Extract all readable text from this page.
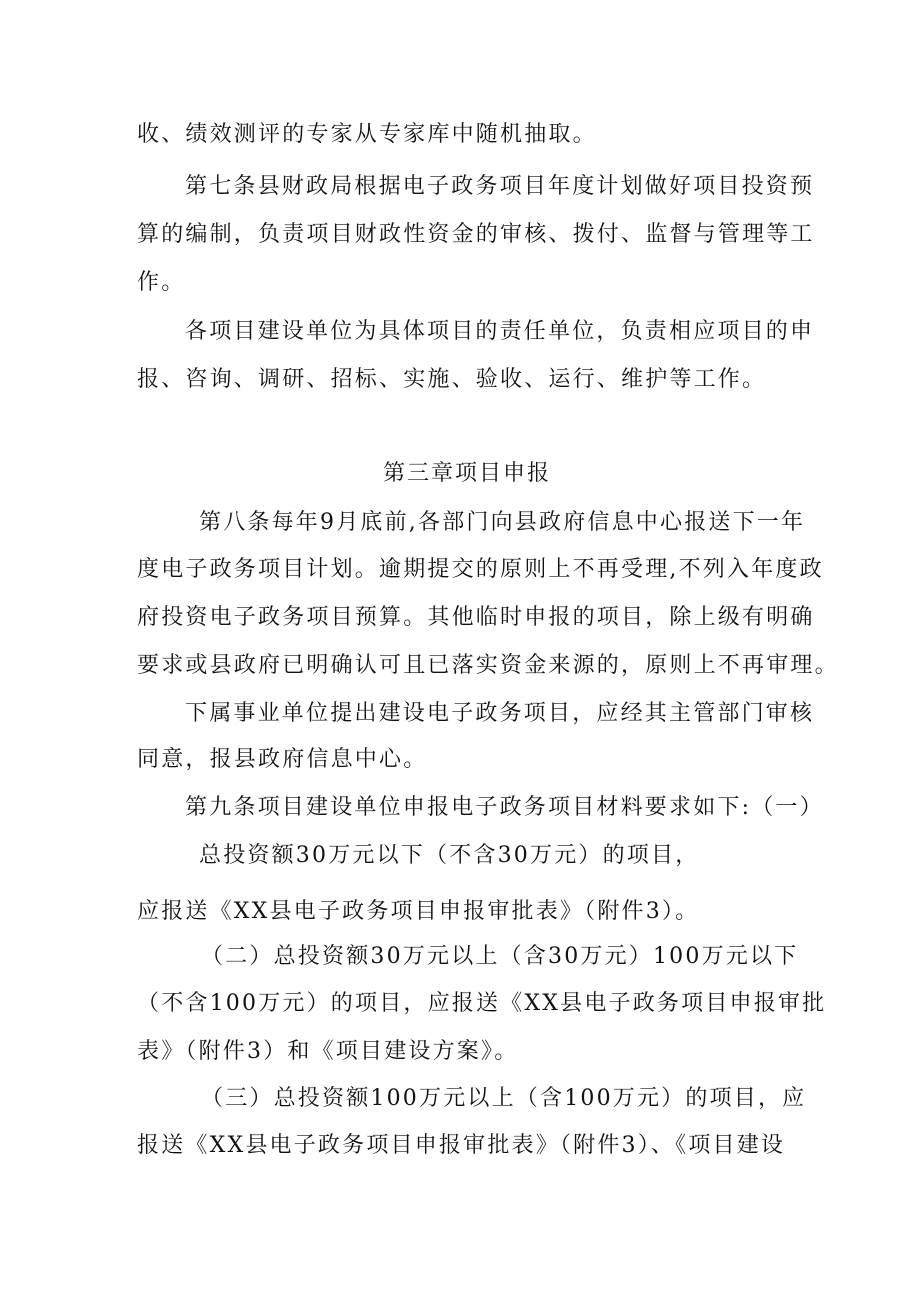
收、绩效测评的专家从专家库中随机抽取。
第七条县财政局根据电子政务项目年度计划做好项目投资预
算的编制，负责项目财政性资金的审核、拨付、监督与管理等工
作。
各项目建设单位为具体项目的责任单位，负责相应项目的申
报、咨询、调研、招标、实施、验收、运行、维护等工作。
第三章项目申报
第八条每年9月底前,各部门向县政府信息中心报送下一年
度电子政务项目计划。逾期提交的原则上不再受理,不列入年度政
府投资电子政务项目预算。其他临时申报的项目，除上级有明确
要求或县政府已明确认可且已落实资金来源的，原则上不再审理。
下属事业单位提出建设电子政务项目，应经其主管部门审核
同意，报县政府信息中心。
第九条项目建设单位申报电子政务项目材料要求如下:（一）
总投资额30万元以下（不含30万元）的项目，
应报送《XX县电子政务项目申报审批表》（附件3）。
（二）总投资额30万元以上（含30万元）100万元以下
（不含100万元）的项目，应报送《XX县电子政务项目申报审批
表》（附件3）和《项目建设方案》。
（三）总投资额100万元以上（含100万元）的项目，应
报送《XX县电子政务项目申报审批表》（附件3）、《项目建设
